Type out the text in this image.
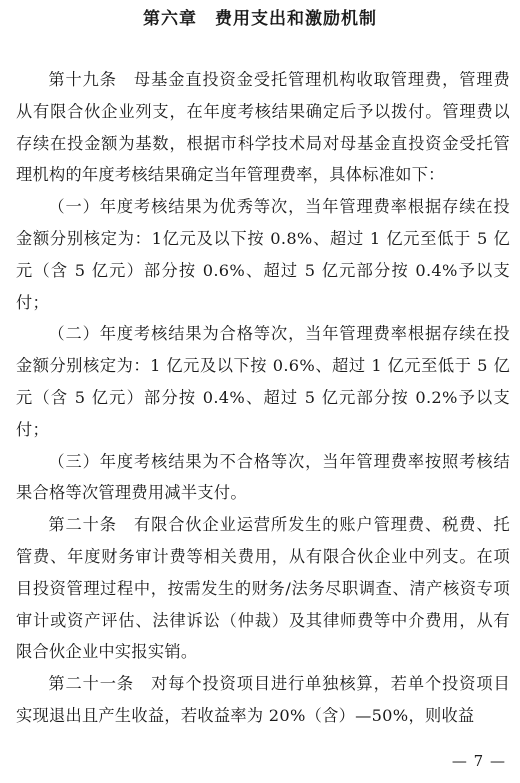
第六章　费用支出和激励机制

第十九条　母基金直投资金受托管理机构收取管理费，管理费从有限合伙企业列支，在年度考核结果确定后予以拨付。管理费以存续在投金额为基数，根据市科学技术局对母基金直投资金受托管理机构的年度考核结果确定当年管理费率，具体标准如下：

（一）年度考核结果为优秀等次，当年管理费率根据存续在投金额分别核定为：1亿元及以下按 0.8%、超过 1 亿元至低于 5 亿元（含 5 亿元）部分按 0.6%、超过 5 亿元部分按 0.4%予以支付；

（二）年度考核结果为合格等次，当年管理费率根据存续在投金额分别核定为：1 亿元及以下按 0.6%、超过 1 亿元至低于 5 亿元（含 5 亿元）部分按 0.4%、超过 5 亿元部分按 0.2%予以支付；

（三）年度考核结果为不合格等次，当年管理费率按照考核结果合格等次管理费用减半支付。

第二十条　有限合伙企业运营所发生的账户管理费、税费、托管费、年度财务审计费等相关费用，从有限合伙企业中列支。在项目投资管理过程中，按需发生的财务/法务尽职调查、清产核资专项审计或资产评估、法律诉讼（仲裁）及其律师费等中介费用，从有限合伙企业中实报实销。

第二十一条　对每个投资项目进行单独核算，若单个投资项目实现退出且产生收益，若收益率为 20%（含）—50%，则收益

— 7 —
